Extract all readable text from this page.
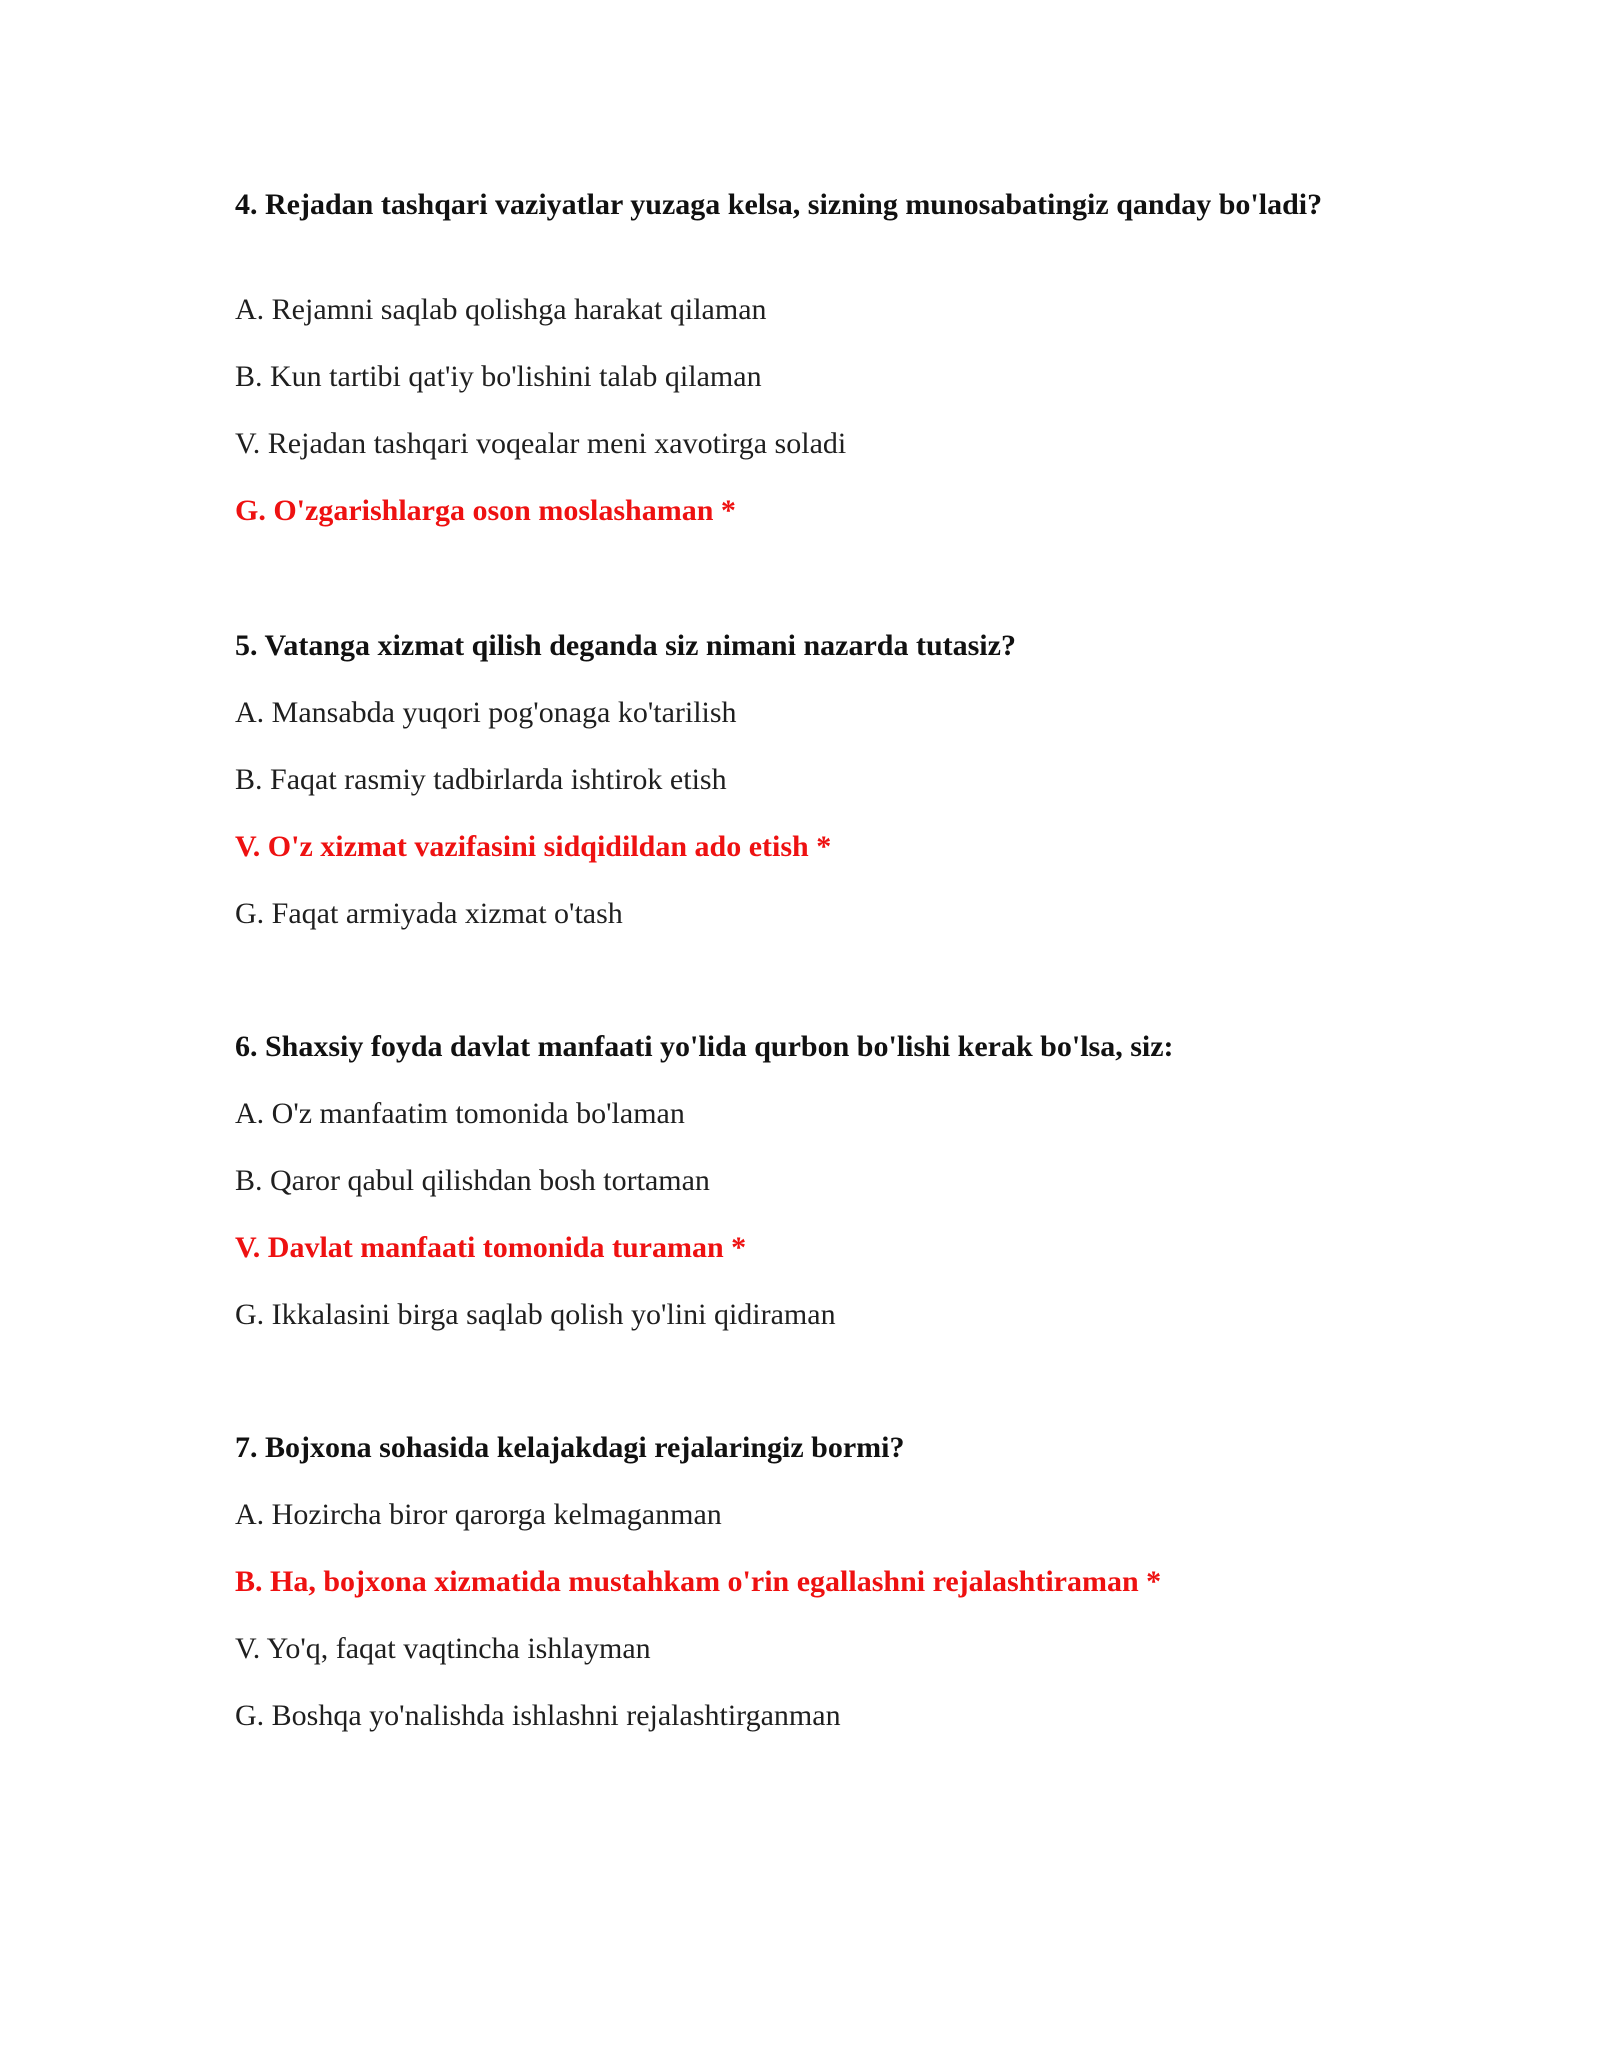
4. Rejadan tashqari vaziyatlar yuzaga kelsa, sizning munosabatingiz qanday bo'ladi?

A. Rejamni saqlab qolishga harakat qilaman

B. Kun tartibi qat'iy bo'lishini talab qilaman

V. Rejadan tashqari voqealar meni xavotirga soladi

G. O'zgarishlarga oson moslashaman *

5. Vatanga xizmat qilish deganda siz nimani nazarda tutasiz?

A. Mansabda yuqori pog'onaga ko'tarilish

B. Faqat rasmiy tadbirlarda ishtirok etish

V. O'z xizmat vazifasini sidqidildan ado etish *

G. Faqat armiyada xizmat o'tash

6. Shaxsiy foyda davlat manfaati yo'lida qurbon bo'lishi kerak bo'lsa, siz:

A. O'z manfaatim tomonida bo'laman

B. Qaror qabul qilishdan bosh tortaman

V. Davlat manfaati tomonida turaman *

G. Ikkalasini birga saqlab qolish yo'lini qidiraman

7. Bojxona sohasida kelajakdagi rejalaringiz bormi?

A. Hozircha biror qarorga kelmaganman

B. Ha, bojxona xizmatida mustahkam o'rin egallashni rejalashtiraman *

V. Yo'q, faqat vaqtincha ishlayman

G. Boshqa yo'nalishda ishlashni rejalashtirganman
